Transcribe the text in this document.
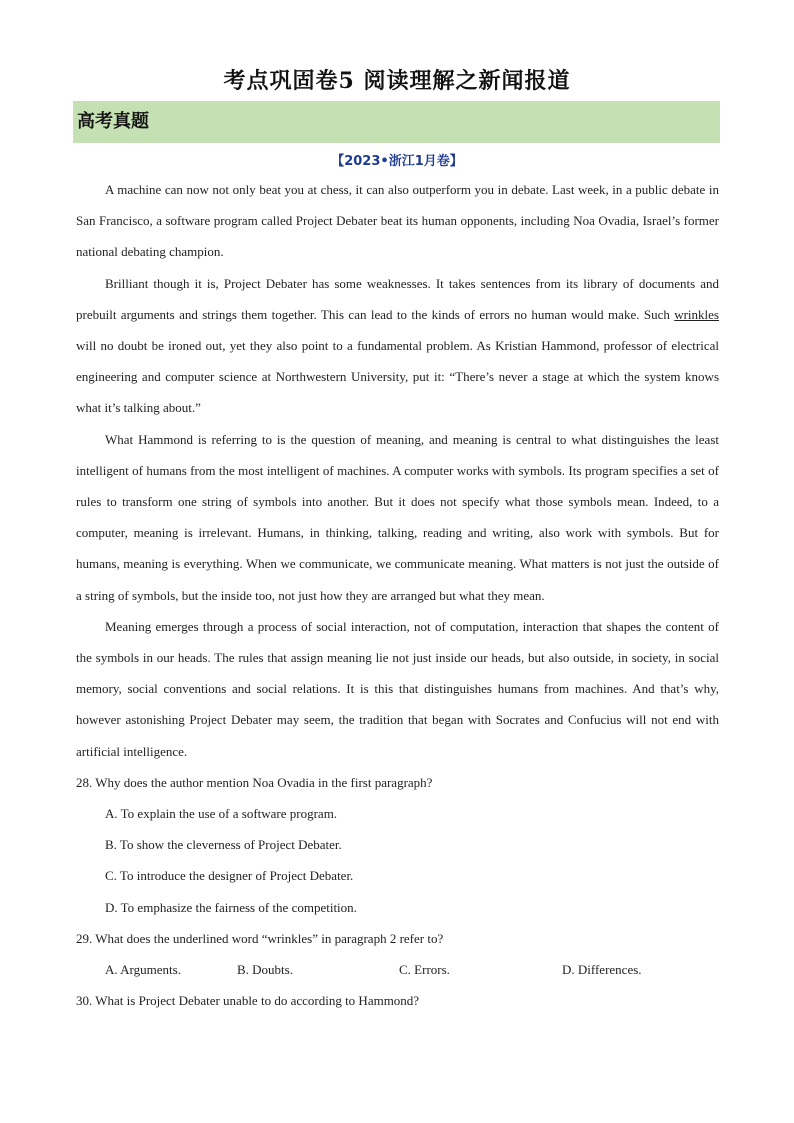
考点巩固卷5 阅读理解之新闻报道
高考真题
【2023•浙江1月卷】

A machine can now not only beat you at chess, it can also outperform you in debate. Last week, in a public debate in San Francisco, a software program called Project Debater beat its human opponents, including Noa Ovadia, Israel’s former national debating champion.

Brilliant though it is, Project Debater has some weaknesses. It takes sentences from its library of documents and prebuilt arguments and strings them together. This can lead to the kinds of errors no human would make. Such wrinkles will no doubt be ironed out, yet they also point to a fundamental problem. As Kristian Hammond, professor of electrical engineering and computer science at Northwestern University, put it: “There’s never a stage at which the system knows what it’s talking about.”

What Hammond is referring to is the question of meaning, and meaning is central to what distinguishes the least intelligent of humans from the most intelligent of machines. A computer works with symbols. Its program specifies a set of rules to transform one string of symbols into another. But it does not specify what those symbols mean. Indeed, to a computer, meaning is irrelevant. Humans, in thinking, talking, reading and writing, also work with symbols. But for humans, meaning is everything. When we communicate, we communicate meaning. What matters is not just the outside of a string of symbols, but the inside too, not just how they are arranged but what they mean.

Meaning emerges through a process of social interaction, not of computation, interaction that shapes the content of the symbols in our heads. The rules that assign meaning lie not just inside our heads, but also outside, in society, in social memory, social conventions and social relations. It is this that distinguishes humans from machines. And that’s why, however astonishing Project Debater may seem, the tradition that began with Socrates and Confucius will not end with artificial intelligence.

28. Why does the author mention Noa Ovadia in the first paragraph?

A. To explain the use of a software program.

B. To show the cleverness of Project Debater.

C. To introduce the designer of Project Debater.

D. To emphasize the fairness of the competition.

29. What does the underlined word “wrinkles” in paragraph 2 refer to?

A. Arguments.	B. Doubts.	C. Errors.	D. Differences.

30. What is Project Debater unable to do according to Hammond?
